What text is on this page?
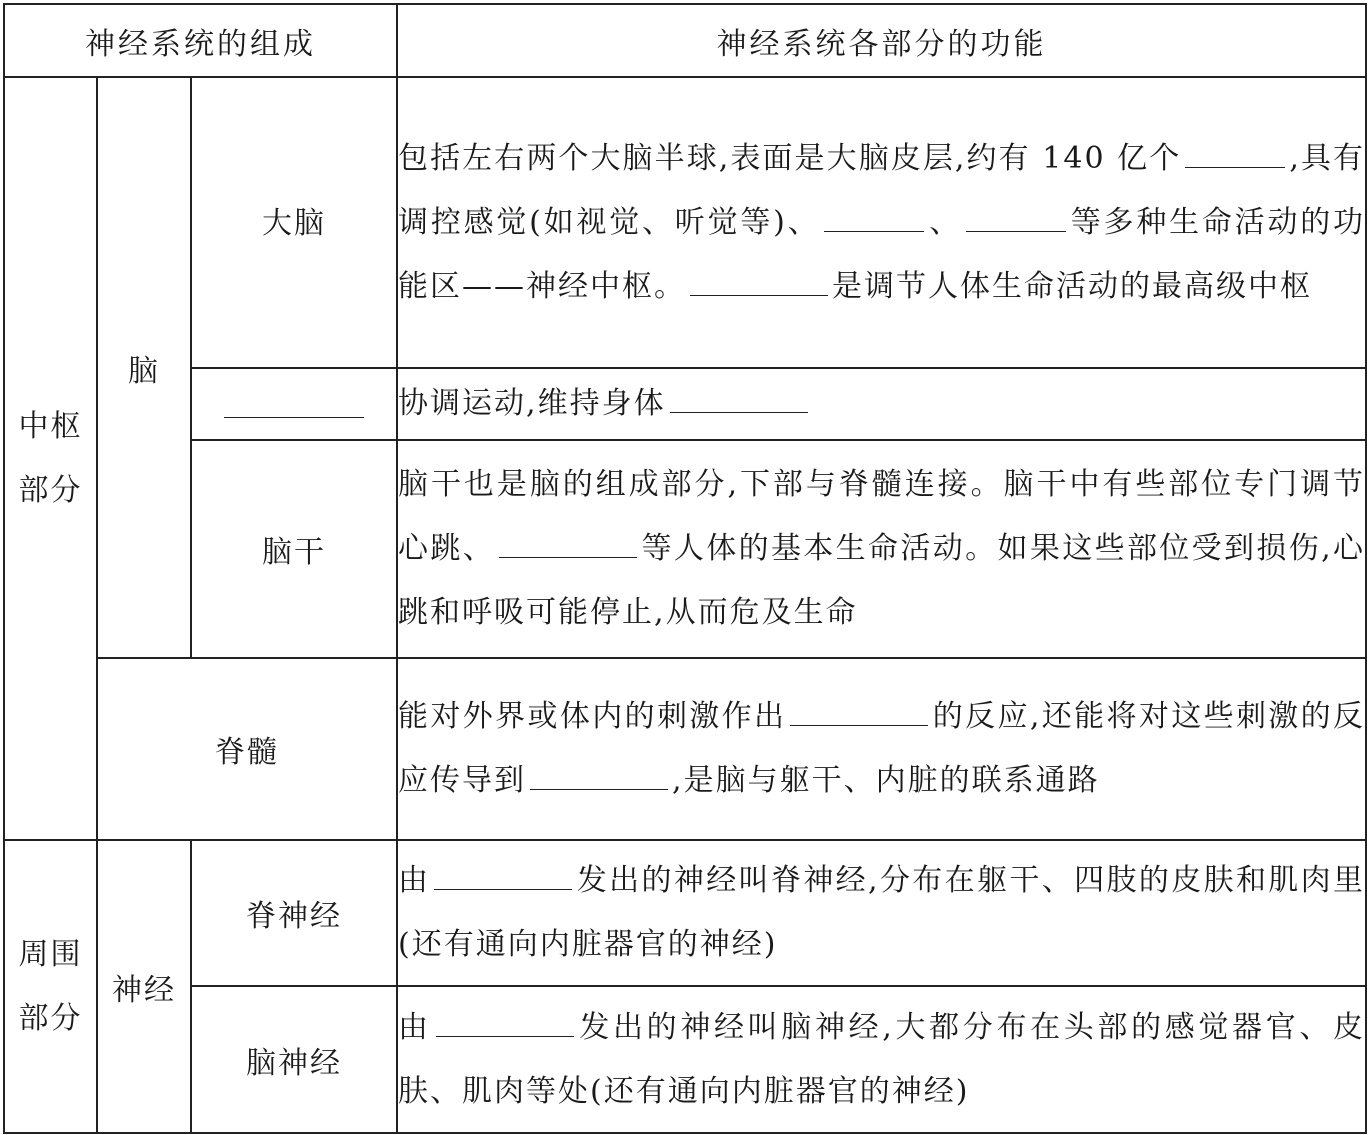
神经系统的组成			神经系统各部分的功能
中枢部分	脑	大脑	包括左右两个大脑半球,表面是大脑皮层,约有 140 亿个 ,具有调控感觉(如视觉、听觉等)、 、 等多种生命活动的功能区——神经中枢。 是调节人体生命活动的最高级中枢
			协调运动,维持身体
		脑干	脑干也是脑的组成部分,下部与脊髓连接。脑干中有些部位专门调节心跳、 等人体的基本生命活动。如果这些部位受到损伤,心跳和呼吸可能停止,从而危及生命
	脊髓		能对外界或体内的刺激作出 的反应,还能将对这些刺激的反应传导到 ,是脑与躯干、内脏的联系通路

周围部分	神经	脊神经	由 发出的神经叫脊神经,分布在躯干、四肢的皮肤和肌肉里(还有通向内脏器官的神经)
		脑神经	由 发出的神经叫脑神经,大都分布在头部的感觉器官、皮肤、肌肉等处(还有通向内脏器官的神经)
